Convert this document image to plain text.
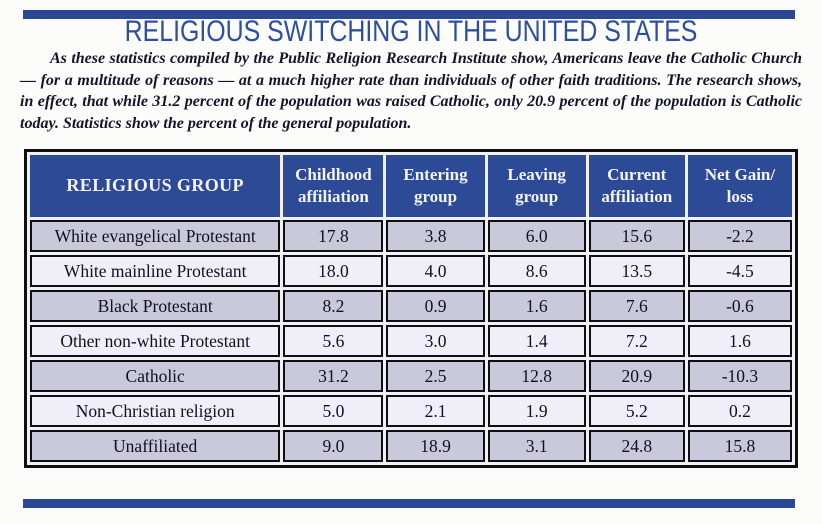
RELIGIOUS SWITCHING IN THE UNITED STATES

As these statistics compiled by the Public Religion Research Institute show, Americans leave the Catholic Church — for a multitude of reasons — at a much higher rate than individuals of other faith traditions. The research shows, in effect, that while 31.2 percent of the population was raised Catholic, only 20.9 percent of the population is Catholic today. Statistics show the percent of the general population.

RELIGIOUS GROUP	Childhood affiliation	Entering group	Leaving group	Current affiliation	Net Gain/ loss
White evangelical Protestant	17.8	3.8	6.0	15.6	-2.2
White mainline Protestant	18.0	4.0	8.6	13.5	-4.5
Black Protestant	8.2	0.9	1.6	7.6	-0.6
Other non-white Protestant	5.6	3.0	1.4	7.2	1.6
Catholic	31.2	2.5	12.8	20.9	-10.3
Non-Christian religion	5.0	2.1	1.9	5.2	0.2
Unaffiliated	9.0	18.9	3.1	24.8	15.8
